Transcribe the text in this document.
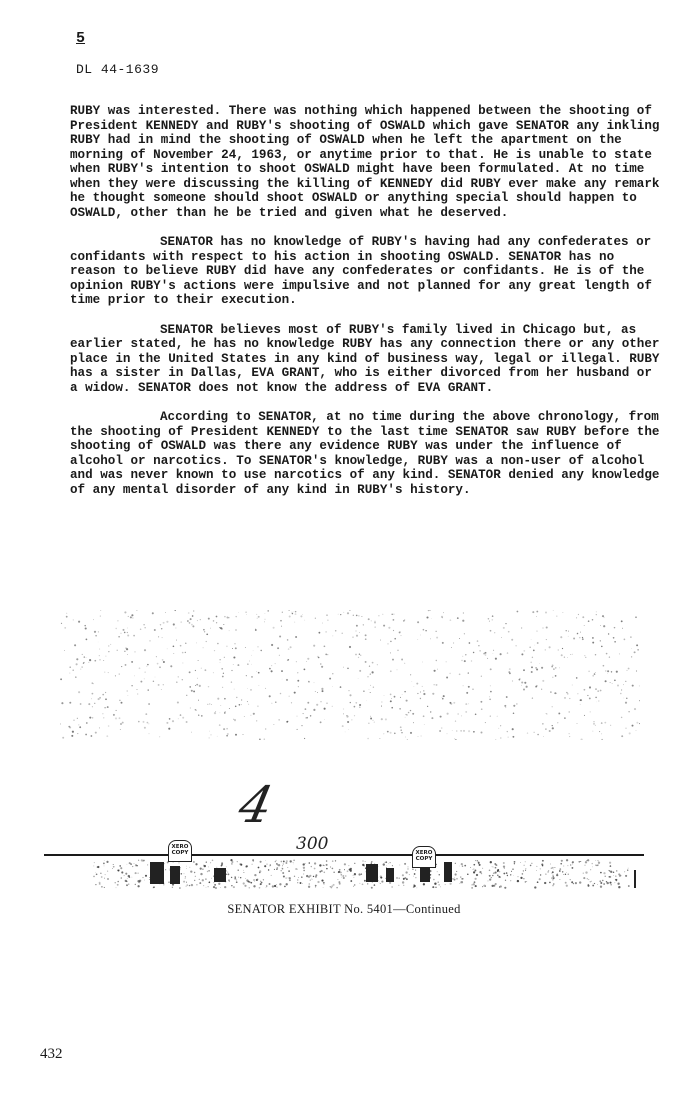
5
DL 44-1639

RUBY was interested. There was nothing which happened between the shooting of President KENNEDY and RUBY's shooting of OSWALD which gave SENATOR any inkling RUBY had in mind the shooting of OSWALD when he left the apartment on the morning of November 24, 1963, or anytime prior to that. He is unable to state when RUBY's intention to shoot OSWALD might have been formulated. At no time when they were discussing the killing of KENNEDY did RUBY ever make any remark he thought someone should shoot OSWALD or anything special should happen to OSWALD, other than he be tried and given what he deserved.

SENATOR has no knowledge of RUBY's having had any confederates or confidants with respect to his action in shooting OSWALD. SENATOR has no reason to believe RUBY did have any confederates or confidants. He is of the opinion RUBY's actions were impulsive and not planned for any great length of time prior to their execution.

SENATOR believes most of RUBY's family lived in Chicago but, as earlier stated, he has no knowledge RUBY has any connection there or any other place in the United States in any kind of business way, legal or illegal. RUBY has a sister in Dallas, EVA GRANT, who is either divorced from her husband or a widow. SENATOR does not know the address of EVA GRANT.

According to SENATOR, at no time during the above chronology, from the shooting of President KENNEDY to the last time SENATOR saw RUBY before the shooting of OSWALD was there any evidence RUBY was under the influence of alcohol or narcotics. To SENATOR's knowledge, RUBY was a non-user of alcohol and was never known to use narcotics of any kind. SENATOR denied any knowledge of any mental disorder of any kind in RUBY's history.

4
300
XERO COPY	XERO COPY
SENATOR EXHIBIT No. 5401—Continued
432
